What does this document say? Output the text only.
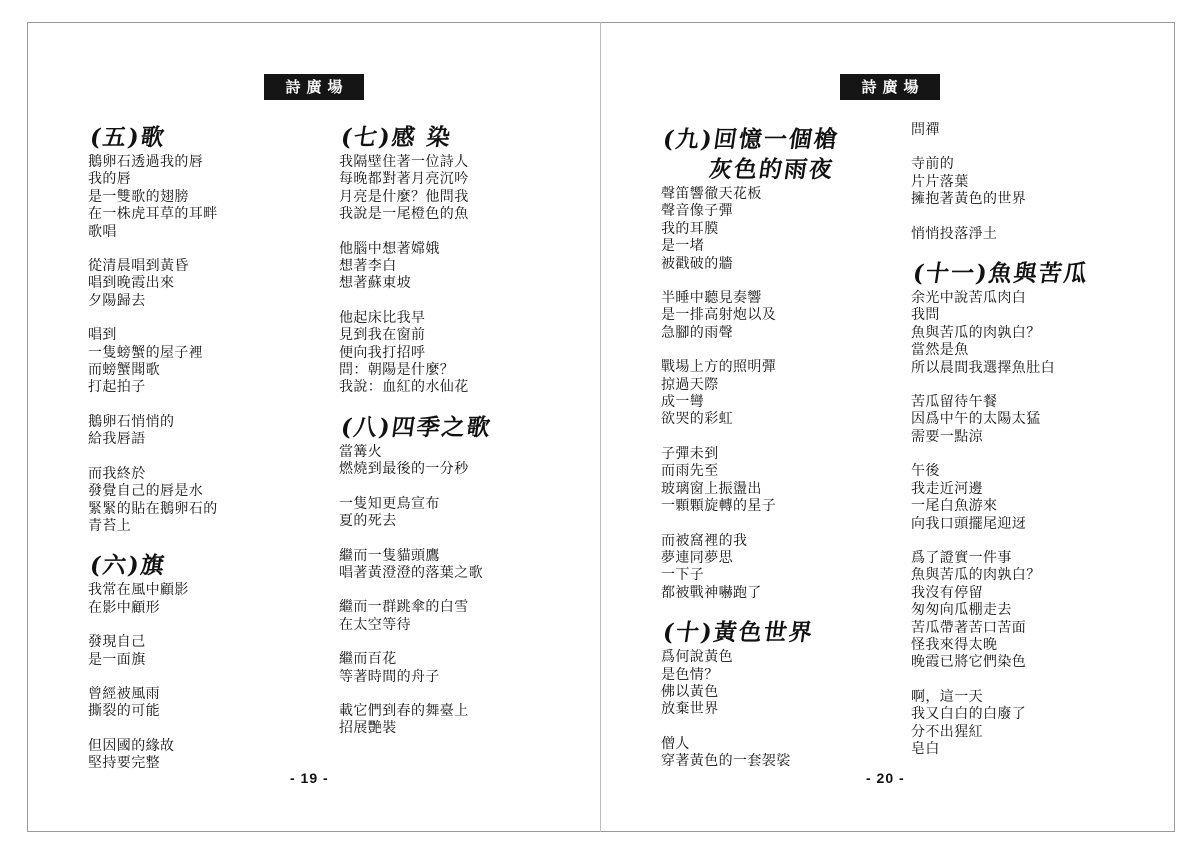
詩廣場	詩廣場
(五)歌
鵝卵石透過我的唇
我的唇
是一雙歌的翅膀
在一株虎耳草的耳畔
歌唱
從清晨唱到黃昏
唱到晚霞出來
夕陽歸去
唱到
一隻螃蟹的屋子裡
而螃蟹聞歌
打起拍子
鵝卵石悄悄的
給我唇語
而我終於
發覺自己的唇是水
緊緊的貼在鵝卵石的
青苔上
(六)旗
我常在風中顧影
在影中顧形
發現自己
是一面旗
曾經被風雨
撕裂的可能
但因國的緣故
堅持要完整
(七)感 染
我隔壁住著一位詩人
每晚都對著月亮沉吟
月亮是什麼？他問我
我說是一尾橙色的魚
他腦中想著嫦娥
想著李白
想著蘇東坡
他起床比我早
見到我在窗前
便向我打招呼
問：朝陽是什麼？
我說：血紅的水仙花
(八)四季之歌
當篝火
燃燒到最後的一分秒
一隻知更鳥宣布
夏的死去
繼而一隻貓頭鷹
唱著黃澄澄的落葉之歌
繼而一群跳傘的白雪
在太空等待
繼而百花
等著時間的舟子
載它們到春的舞臺上
招展艷裝
(九)回憶一個槍
灰色的雨夜
聲笛響徹天花板
聲音像子彈
我的耳膜
是一堵
被戳破的牆
半睡中聽見奏響
是一排高射炮以及
急腳的雨聲
戰場上方的照明彈
掠過天際
成一彎
欲哭的彩虹
子彈未到
而雨先至
玻璃窗上振盪出
一顆顆旋轉的星子
而被窩裡的我
夢連同夢思
一下子
都被戰神嚇跑了
(十)黃色世界
爲何說黃色
是色情？
佛以黃色
放棄世界
僧人
穿著黃色的一套袈裟
問禪
寺前的
片片落葉
擁抱著黃色的世界
悄悄投落淨土
(十一)魚與苦瓜
余光中說苦瓜肉白
我問
魚與苦瓜的肉孰白？
當然是魚
所以晨間我選擇魚肚白
苦瓜留待午餐
因爲中午的太陽太猛
需要一點涼
午後
我走近河邊
一尾白魚游來
向我口頭擺尾迎迓
爲了證實一件事
魚與苦瓜的肉孰白？
我沒有停留
匆匆向瓜棚走去
苦瓜帶著苦口苦面
怪我來得太晚
晚霞已將它們染色
啊，這一天
我又白白的白廢了
分不出猩紅
皂白
- 19 -	- 20 -
